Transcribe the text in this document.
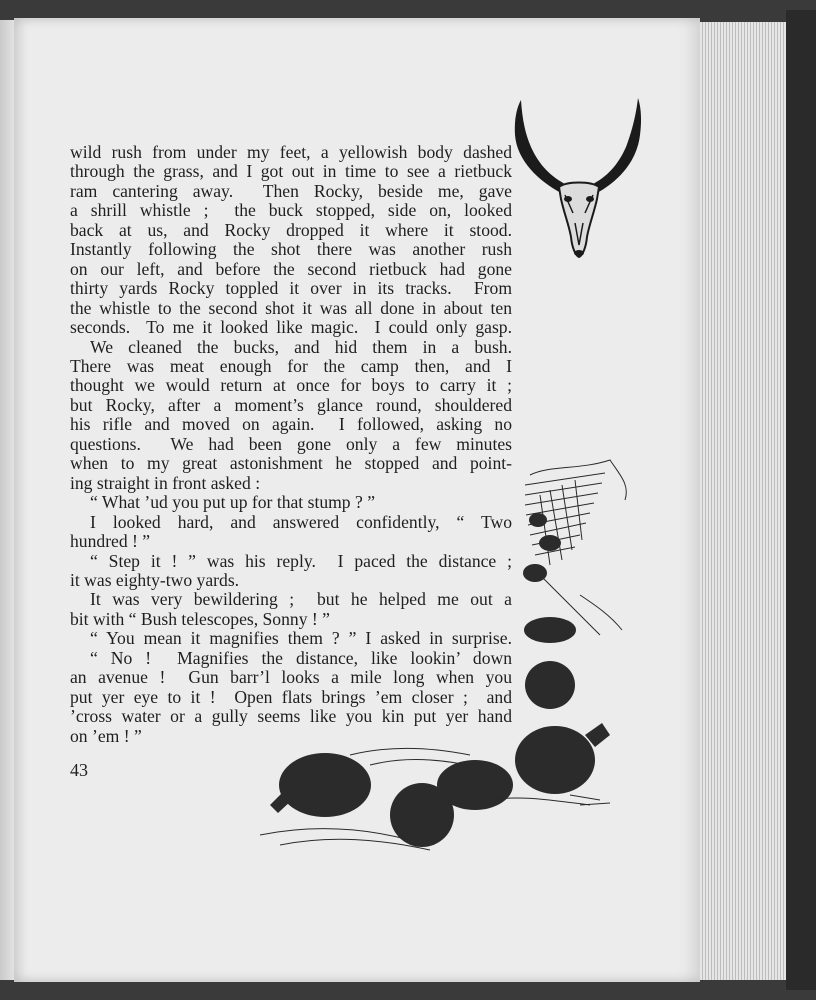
wild rush from under my feet, a yellowish body dashed
through the grass, and I got out in time to see a rietbuck
ram cantering away.  Then Rocky, beside me, gave
a shrill whistle ;  the buck stopped, side on, looked
back at us, and Rocky dropped it where it stood.
Instantly following the shot there was another rush
on our left, and before the second rietbuck had gone
thirty yards Rocky toppled it over in its tracks.  From
the whistle to the second shot it was all done in about ten
seconds.  To me it looked like magic.  I could only gasp.
We cleaned the bucks, and hid them in a bush.
There was meat enough for the camp then, and I
thought we would return at once for boys to carry it ;
but Rocky, after a moment’s glance round, shouldered
his rifle and moved on again.  I followed, asking no
questions.  We had been gone only a few minutes
when to my great astonishment he stopped and point-
ing straight in front asked :
“ What ’ud you put up for that stump ? ”
I looked hard, and answered confidently, “ Two
hundred ! ”
“ Step it ! ” was his reply.  I paced the distance ;
it was eighty-two yards.
It was very bewildering ;  but he helped me out a
bit with “ Bush telescopes, Sonny ! ”
“ You mean it magnifies them ? ” I asked in surprise.
“ No !  Magnifies the distance, like lookin’ down
an avenue !  Gun barr’l looks a mile long when you
put yer eye to it !  Open flats brings ’em closer ;  and
’cross water or a gully seems like you kin put yer hand
on ’em ! ”
43
